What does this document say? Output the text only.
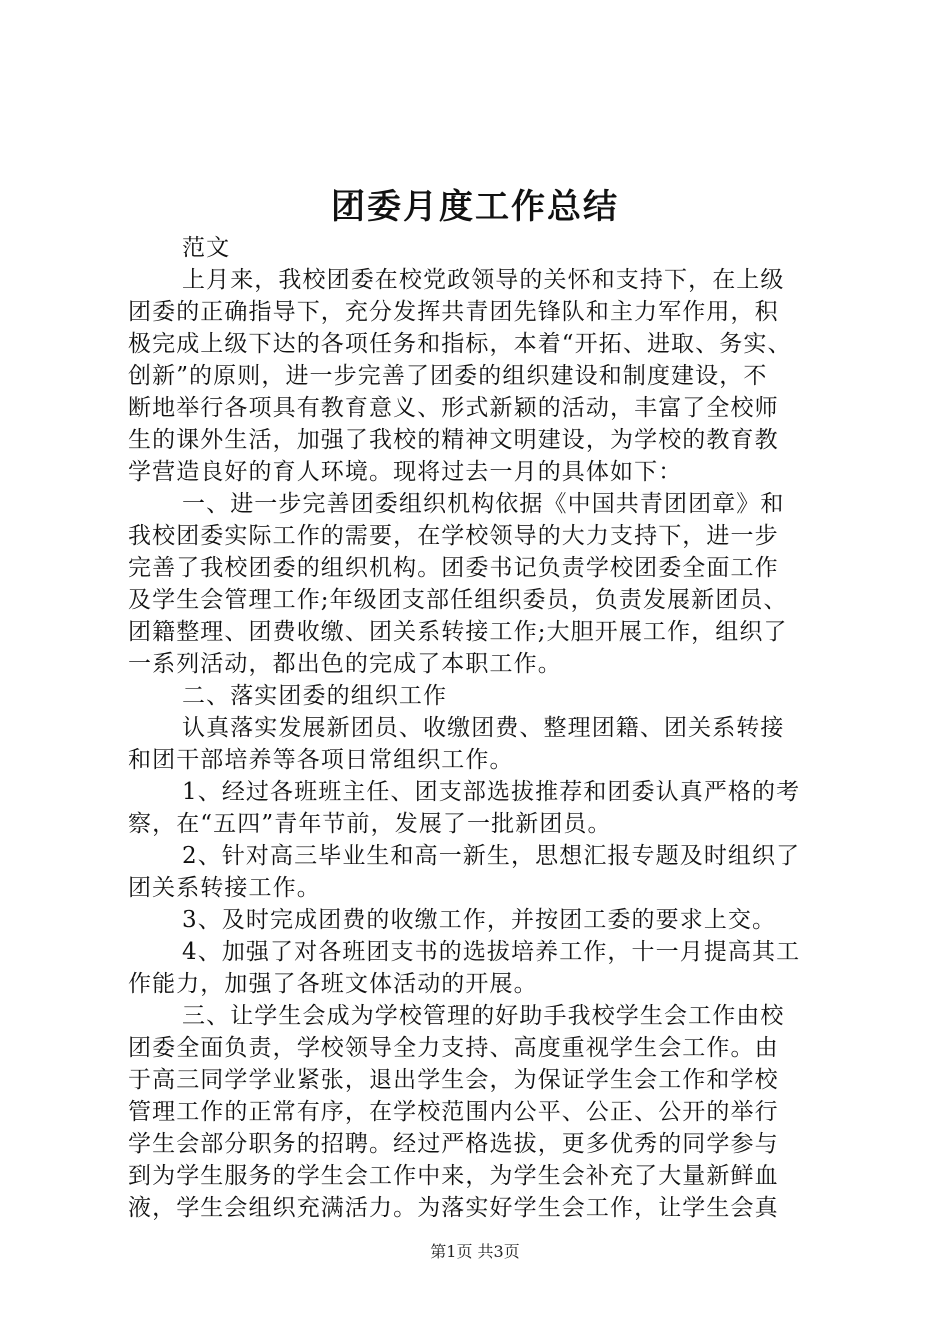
团委月度工作总结
范文
上月来，我校团委在校党政领导的关怀和支持下，在上级
团委的正确指导下，充分发挥共青团先锋队和主力军作用，积
极完成上级下达的各项任务和指标，本着“开拓、进取、务实、
创新”的原则，进一步完善了团委的组织建设和制度建设，不
断地举行各项具有教育意义、形式新颖的活动，丰富了全校师
生的课外生活，加强了我校的精神文明建设，为学校的教育教
学营造良好的育人环境。现将过去一月的具体如下：
一、进一步完善团委组织机构依据《中国共青团团章》和
我校团委实际工作的需要，在学校领导的大力支持下，进一步
完善了我校团委的组织机构。团委书记负责学校团委全面工作
及学生会管理工作;年级团支部任组织委员，负责发展新团员、
团籍整理、团费收缴、团关系转接工作;大胆开展工作，组织了
一系列活动，都出色的完成了本职工作。
二、落实团委的组织工作
认真落实发展新团员、收缴团费、整理团籍、团关系转接
和团干部培养等各项日常组织工作。
1、经过各班班主任、团支部选拔推荐和团委认真严格的考
察，在“五四”青年节前，发展了一批新团员。
2、针对高三毕业生和高一新生，思想汇报专题及时组织了
团关系转接工作。
3、及时完成团费的收缴工作，并按团工委的要求上交。
4、加强了对各班团支书的选拔培养工作，十一月提高其工
作能力，加强了各班文体活动的开展。
三、让学生会成为学校管理的好助手我校学生会工作由校
团委全面负责，学校领导全力支持、高度重视学生会工作。由
于高三同学学业紧张，退出学生会，为保证学生会工作和学校
管理工作的正常有序，在学校范围内公平、公正、公开的举行
学生会部分职务的招聘。经过严格选拔，更多优秀的同学参与
到为学生服务的学生会工作中来，为学生会补充了大量新鲜血
液，学生会组织充满活力。为落实好学生会工作，让学生会真
第1页 共3页
